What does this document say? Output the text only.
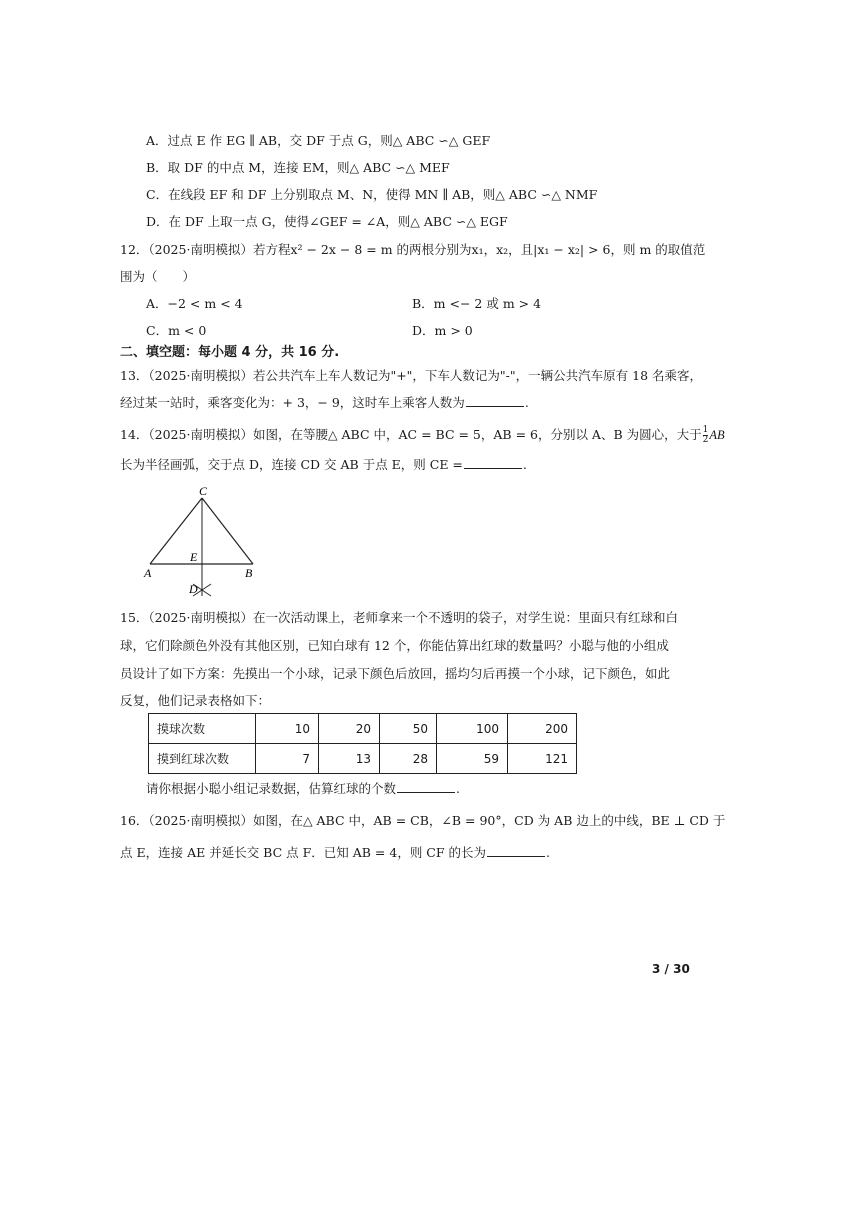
A．过点 E 作 EG ∥ AB，交 DF 于点 G，则△ ABC ∽△ GEF
B．取 DF 的中点 M，连接 EM，则△ ABC ∽△ MEF
C．在线段 EF 和 DF 上分别取点 M、N，使得 MN ∥ AB，则△ ABC ∽△ NMF
D．在 DF 上取一点 G，使得∠GEF = ∠A，则△ ABC ∽△ EGF
12．（2025·南明模拟）若方程x² − 2x − 8 = m 的两根分别为x₁，x₂，且|x₁ − x₂| > 6，则 m 的取值范
围为（　　）
A．−2 < m < 4	B．m <− 2 或 m > 4
C．m < 0	D．m > 0
二、填空题：每小题 4 分，共 16 分.
13．（2025·南明模拟）若公共汽车上车人数记为"+"，下车人数记为"-"，一辆公共汽车原有 18 名乘客，
经过某一站时，乘客变化为：+ 3，− 9，这时车上乘客人数为	.
14．（2025·南明模拟）如图，在等腰△ ABC 中，AC = BC = 5，AB = 6，分别以 A、B 为圆心，大于 $\frac{1}{2}$ AB
长为半径画弧，交于点 D，连接 CD 交 AB 于点 E，则 CE =	.
C
E
A	B
D
15．（2025·南明模拟）在一次活动课上，老师拿来一个不透明的袋子，对学生说：里面只有红球和白
球，它们除颜色外没有其他区别，已知白球有 12 个，你能估算出红球的数量吗？小聪与他的小组成
员设计了如下方案：先摸出一个小球，记录下颜色后放回，摇均匀后再摸一个小球，记下颜色，如此
反复，他们记录表格如下：
摸球次数	10	20	50	100	200
摸到红球次数	7	13	28	59	121
请你根据小聪小组记录数据，估算红球的个数	.
16．（2025·南明模拟）如图，在△ ABC 中，AB = CB，∠B = 90°，CD 为 AB 边上的中线，BE ⊥ CD 于
点 E，连接 AE 并延长交 BC 点 F．已知 AB = 4，则 CF 的长为	.
3 / 30
